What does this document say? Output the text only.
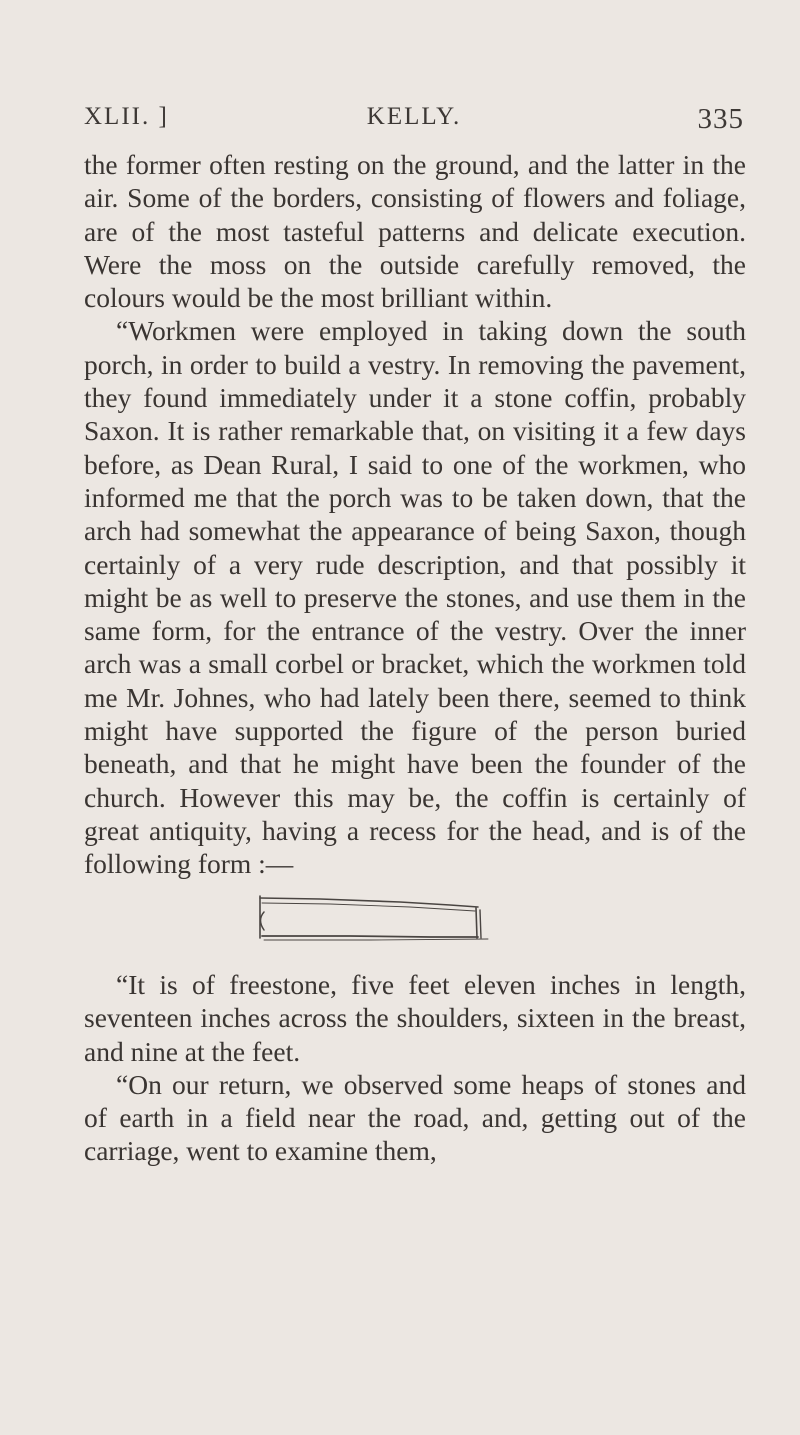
XLII. ]	KELLY.	335

the former often resting on the ground, and the latter in the air. Some of the borders, consisting of flowers and foliage, are of the most tasteful patterns and delicate execution. Were the moss on the outside carefully removed, the colours would be the most brilliant within.

“Workmen were employed in taking down the south porch, in order to build a vestry. In removing the pavement, they found immediately under it a stone coffin, probably Saxon. It is rather remarkable that, on visiting it a few days before, as Dean Rural, I said to one of the workmen, who informed me that the porch was to be taken down, that the arch had somewhat the appearance of being Saxon, though certainly of a very rude description, and that possibly it might be as well to preserve the stones, and use them in the same form, for the entrance of the vestry. Over the inner arch was a small corbel or bracket, which the workmen told me Mr. Johnes, who had lately been there, seemed to think might have supported the figure of the person buried beneath, and that he might have been the founder of the church. However this may be, the coffin is certainly of great antiquity, having a recess for the head, and is of the following form :—

“It is of freestone, five feet eleven inches in length, seventeen inches across the shoulders, sixteen in the breast, and nine at the feet.

“On our return, we observed some heaps of stones and of earth in a field near the road, and, getting out of the carriage, went to examine them,
